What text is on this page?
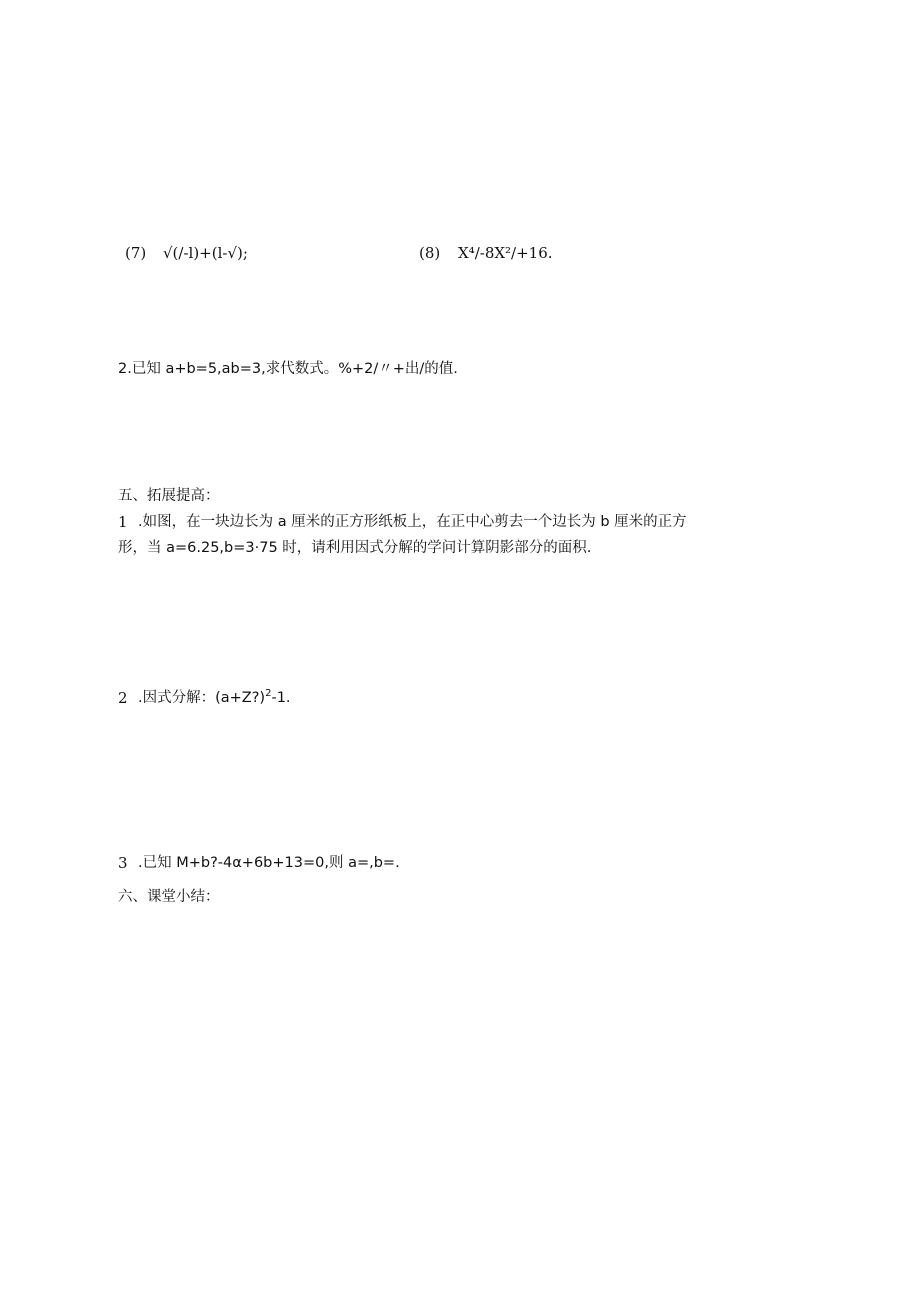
(7) √(∕-l)+(l-√);	(8) X⁴∕-8X²∕+16.
2.已知 a+b=5,ab=3,求代数式。%+2/〃+出/的值.
五、拓展提高：
1 .如图，在一块边长为 a 厘米的正方形纸板上，在正中心剪去一个边长为 b 厘米的正方
形，当 a=6.25,b=3·75 时，请利用因式分解的学问计算阴影部分的面积.
2 .因式分解：(a+Z?)$^2$-1.
3 .已知 M+b?-4α+6b+13=0,则 a=,b=.
六、课堂小结：
